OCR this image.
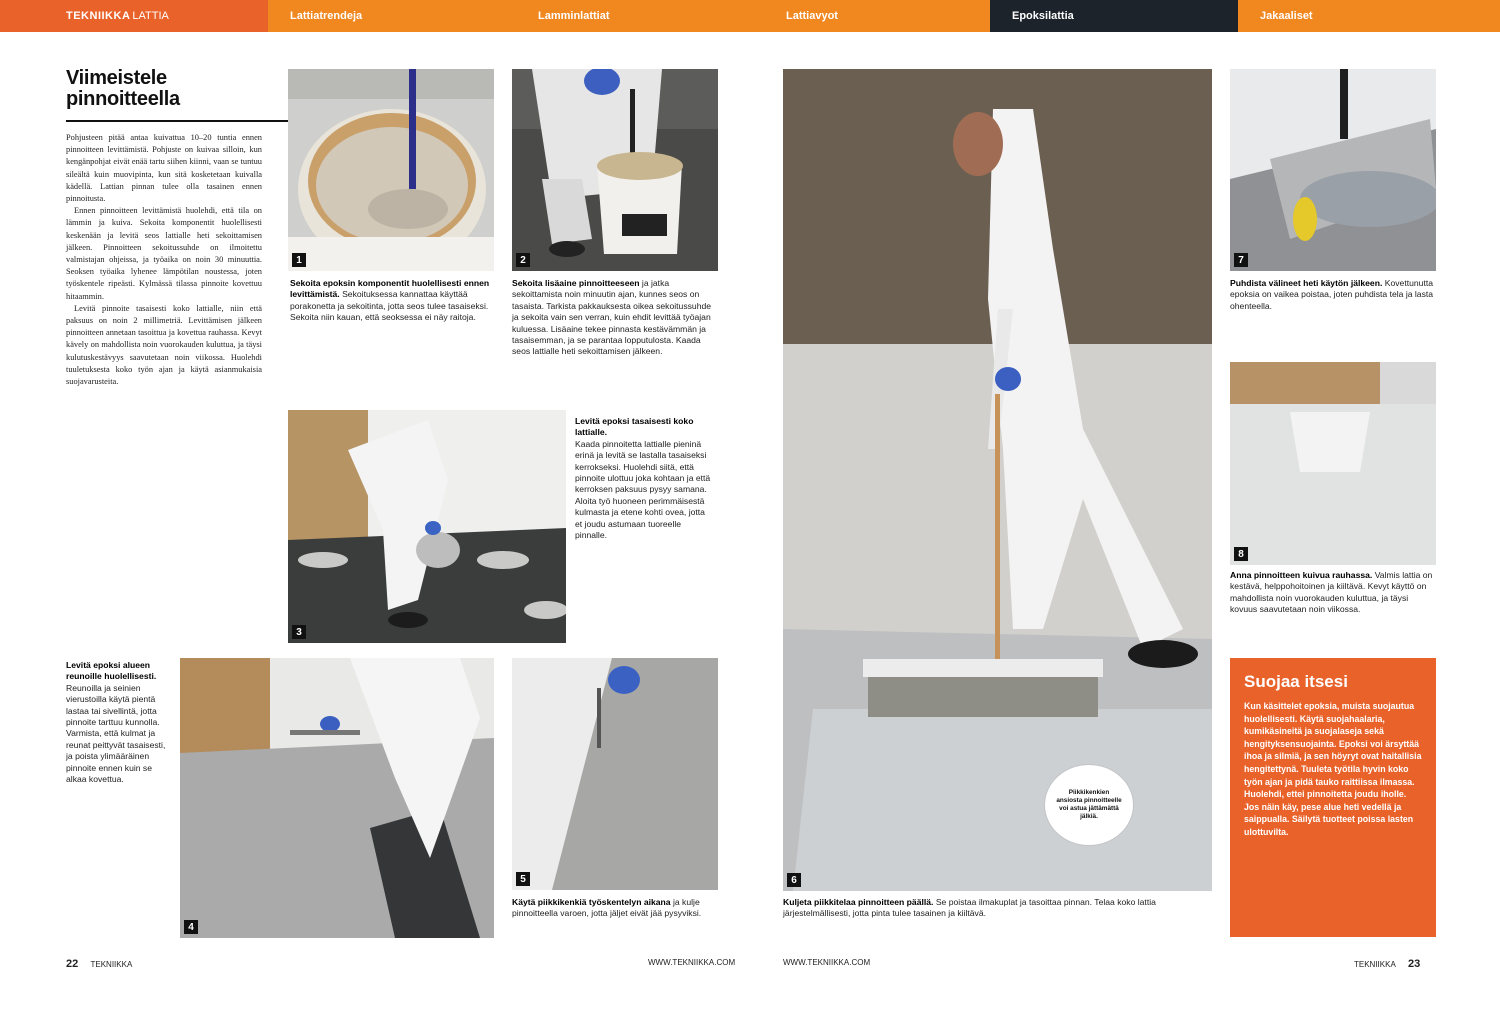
TEKNIIKKA LATTIA	Lattiatrendeja	Lamminlattiat	Lattiavyot	Epoksilattia	Jakaaliset
Viimeistele
pinnoitteella

Pohjusteen pitää antaa kuivattua 10–20 tuntia ennen pinnoitteen levittämistä. Pohjuste on kuivaa silloin, kun kengänpohjat eivät enää tartu siihen kiinni, vaan se tuntuu sileältä kuin muovipinta, kun sitä kosketetaan kuivalla kädellä. Lattian pinnan tulee olla tasainen ennen pinnoitusta.

Ennen pinnoitteen levittämistä huolehdi, että tila on lämmin ja kuiva. Sekoita komponentit huolellisesti keskenään ja levitä seos lattialle heti sekoittamisen jälkeen. Pinnoitteen sekoitussuhde on ilmoitettu valmistajan ohjeissa, ja työaika on noin 30 minuuttia. Seoksen työaika lyhenee lämpötilan noustessa, joten työskentele ripeästi. Kylmässä tilassa pinnoite kovettuu hitaammin.

Levitä pinnoite tasaisesti koko lattialle, niin että paksuus on noin 2 millimetriä. Levittämisen jälkeen pinnoitteen annetaan tasoittua ja kovettua rauhassa. Kevyt kävely on mahdollista noin vuorokauden kuluttua, ja täysi kulutuskestävyys saavutetaan noin viikossa. Huolehdi tuuletuksesta koko työn ajan ja käytä asianmukaisia suojavarusteita.

1
Sekoita epoksin komponentit huolellisesti ennen levittämistä. Sekoituksessa kannattaa käyttää porakonetta ja sekoitinta, jotta seos tulee tasaiseksi. Sekoita niin kauan, että seoksessa ei näy raitoja.
2
Sekoita lisäaine pinnoitteeseen ja jatka sekoittamista noin minuutin ajan, kunnes seos on tasaista. Tarkista pakkauksesta oikea sekoitussuhde ja sekoita vain sen verran, kuin ehdit levittää työajan kuluessa. Lisäaine tekee pinnasta kestävämmän ja tasaisemman, ja se parantaa lopputulosta. Kaada seos lattialle heti sekoittamisen jälkeen.
3
Levitä epoksi tasaisesti koko lattialle.
Kaada pinnoitetta lattialle pieninä erinä ja levitä se lastalla tasaiseksi kerrokseksi. Huolehdi siitä, että pinnoite ulottuu joka kohtaan ja että kerroksen paksuus pysyy samana. Aloita työ huoneen perimmäisestä kulmasta ja etene kohti ovea, jotta et joudu astumaan tuoreelle pinnalle.
Levitä epoksi alueen reunoille huolellisesti.
Reunoilla ja seinien vierustoilla käytä pientä lastaa tai sivellintä, jotta pinnoite tarttuu kunnolla. Varmista, että kulmat ja reunat peittyvät tasaisesti, ja poista ylimääräinen pinnoite ennen kuin se alkaa kovettua.
4
5
Käytä piikkikenkiä työskentelyn aikana ja kulje pinnoitteella varoen, jotta jäljet eivät jää pysyviksi.
6
Piikkikenkien ansiosta pinnoitteelle voi astua jättämättä jälkiä.
Kuljeta piikkitelaa pinnoitteen päällä. Se poistaa ilmakuplat ja tasoittaa pinnan. Telaa koko lattia järjestelmällisesti, jotta pinta tulee tasainen ja kiiltävä.
7
Puhdista välineet heti käytön jälkeen. Kovettunutta epoksia on vaikea poistaa, joten puhdista tela ja lasta ohenteella.
8
Anna pinnoitteen kuivua rauhassa. Valmis lattia on kestävä, helppohoitoinen ja kiiltävä. Kevyt käyttö on mahdollista noin vuorokauden kuluttua, ja täysi kovuus saavutetaan noin viikossa.
Suojaa itsesi
Kun käsittelet epoksia, muista suojautua huolellisesti. Käytä suojahaalaria, kumikäsineitä ja suojalaseja sekä hengityksensuojainta. Epoksi voi ärsyttää ihoa ja silmiä, ja sen höyryt ovat haitallisia hengitettynä. Tuuleta työtila hyvin koko työn ajan ja pidä tauko raittiissa ilmassa. Huolehdi, ettei pinnoitetta joudu iholle. Jos näin käy, pese alue heti vedellä ja saippualla. Säilytä tuotteet poissa lasten ulottuvilta.
22 TEKNIIKKA	WWW.TEKNIIKKA.COM	WWW.TEKNIIKKA.COM	TEKNIIKKA 23
